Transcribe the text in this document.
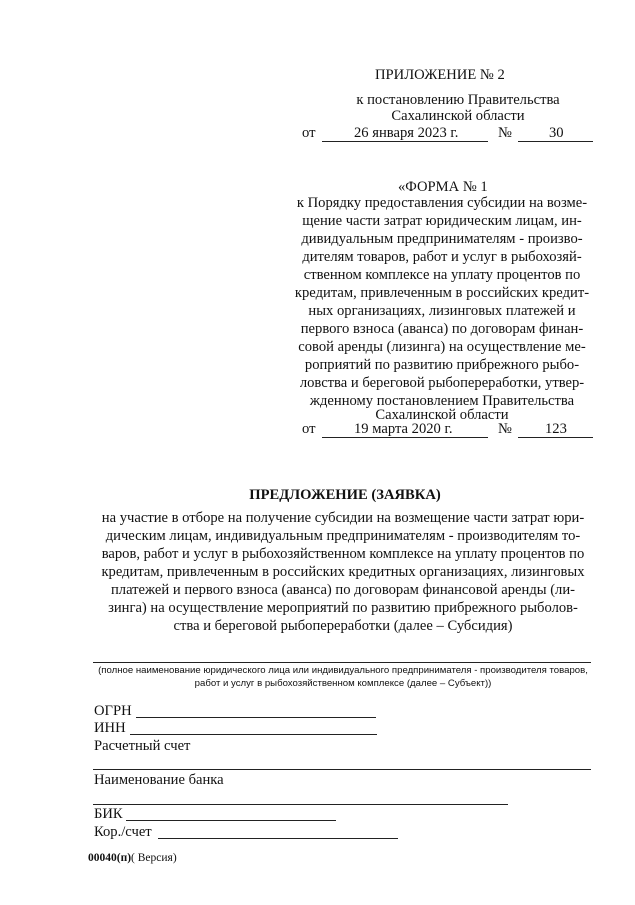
ПРИЛОЖЕНИЕ № 2
к постановлению Правительства
Сахалинской области
от	26 января 2023 г.	№	30
«ФОРМА № 1
к Порядку предоставления субсидии на возме-
щение части затрат юридическим лицам, ин-
дивидуальным предпринимателям - произво-
дителям товаров, работ и услуг в рыбохозяй-
ственном комплексе на уплату процентов по
кредитам, привлеченным в российских кредит-
ных организациях, лизинговых платежей и
первого взноса (аванса) по договорам финан-
совой аренды (лизинга) на осуществление ме-
роприятий по развитию прибрежного рыбо-
ловства и береговой рыбопереработки, утвер-
жденному постановлением Правительства
Сахалинской области
от	19 марта 2020 г.	№ 123
ПРЕДЛОЖЕНИЕ (ЗАЯВКА)
на участие в отборе на получение субсидии на возмещение части затрат юри-
дическим лицам, индивидуальным предпринимателям - производителям то-
варов, работ и услуг в рыбохозяйственном комплексе на уплату процентов по
кредитам, привлеченным в российских кредитных организациях, лизинговых
платежей и первого взноса (аванса) по договорам финансовой аренды (ли-
зинга) на осуществление мероприятий по развитию прибрежного рыболов-
ства и береговой рыбопереработки (далее – Субсидия)
(полное наименование юридического лица или индивидуального предпринимателя - производителя товаров,
работ и услуг в рыбохозяйственном комплексе (далее – Субъект))
ОГРН
ИНН
Расчетный счет
Наименование банка
БИК
Кор./счет
00040(п)( Версия)
